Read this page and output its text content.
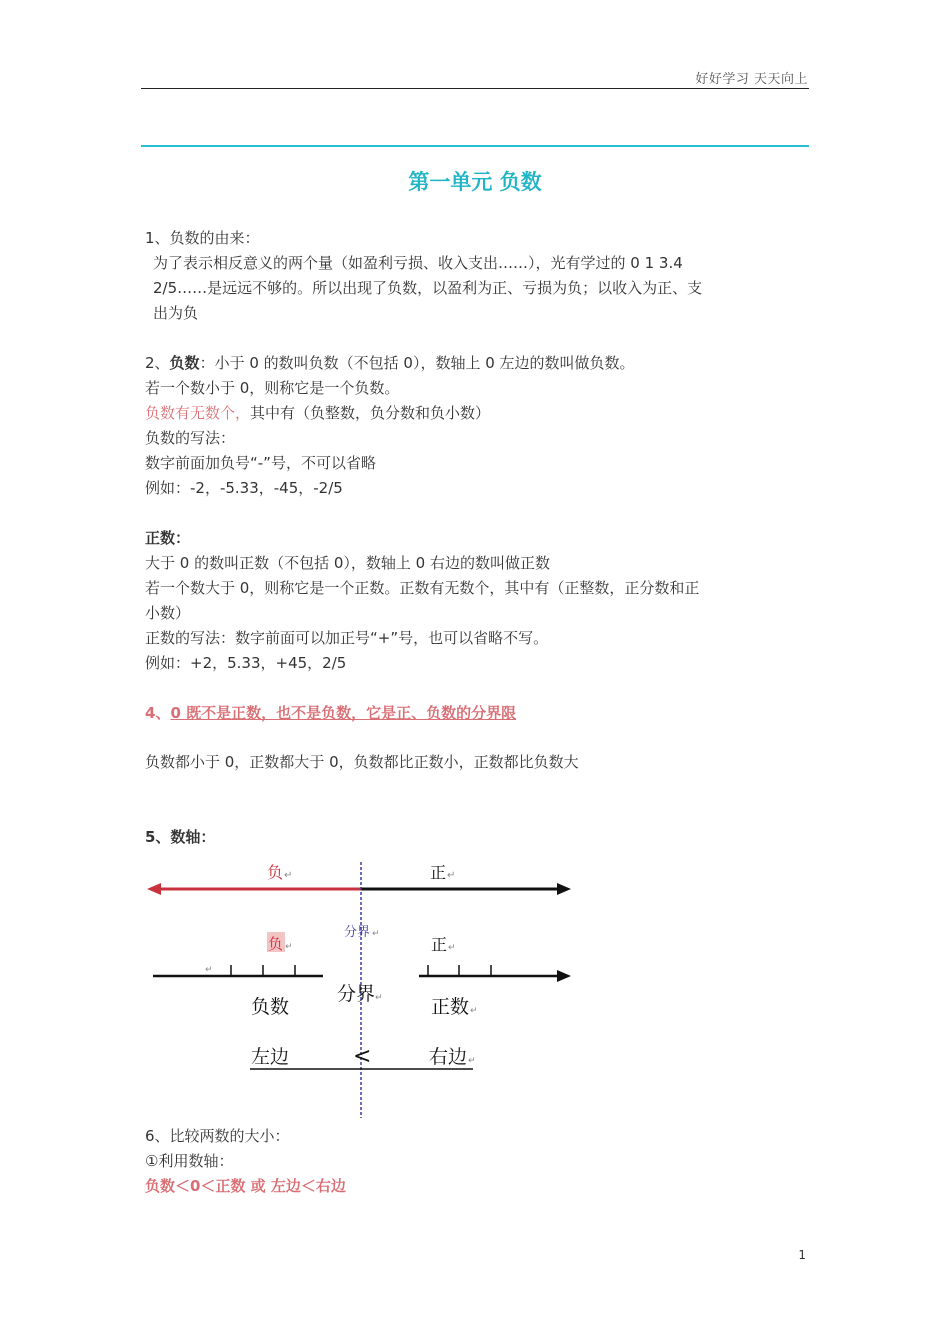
好好学习 天天向上
第一单元 负数
1、负数的由来：
为了表示相反意义的两个量（如盈利亏损、收入支出……），光有学过的 0 1 3.4
2/5……是远远不够的。所以出现了负数，以盈利为正、亏损为负；以收入为正、支
出为负
2、负数：小于 0 的数叫负数（不包括 0），数轴上 0 左边的数叫做负数。
若一个数小于 0，则称它是一个负数。
负数有无数个，其中有（负整数，负分数和负小数）
负数的写法：
数字前面加负号“-”号，不可以省略
例如：-2，-5.33，-45，-2/5
正数：
大于 0 的数叫正数（不包括 0），数轴上 0 右边的数叫做正数
若一个数大于 0，则称它是一个正数。正数有无数个，其中有（正整数，正分数和正
小数）
正数的写法：数字前面可以加正号“+”号，也可以省略不写。
例如：+2，5.33，+45，2/5
4、0 既不是正数，也不是负数，它是正、负数的分界限
负数都小于 0，正数都大于 0，负数都比正数小，正数都比负数大
5、数轴：
负 ↵	正 ↵
分界 ↵
负 ↵	正 ↵
↵
分界 ↵
负数	正数 ↵
左边	<	右边 ↵
6、比较两数的大小：
①利用数轴：
负数＜0＜正数 或 左边＜右边
1
